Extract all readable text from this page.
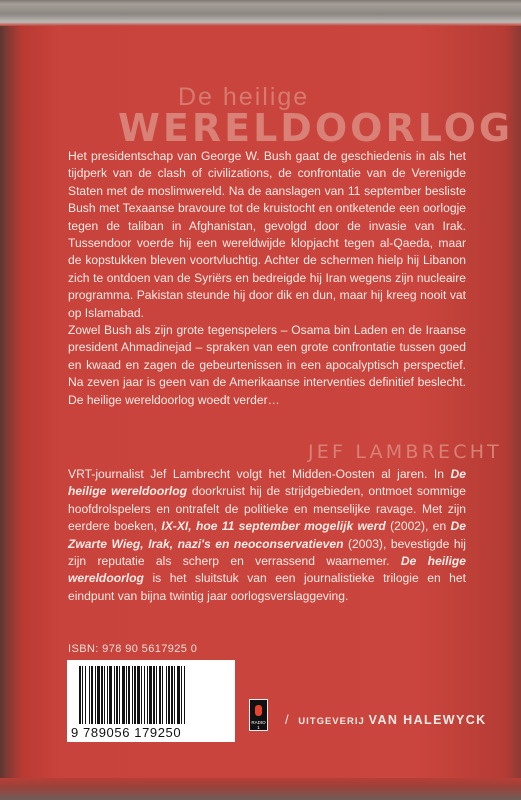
De heilige
WERELDOORLOG

Het presidentschap van George W. Bush gaat de geschiedenis in als het tijdperk van de clash of civilizations, de confrontatie van de Verenigde Staten met de moslimwereld. Na de aanslagen van 11 september besliste Bush met Texaanse bravoure tot de kruistocht en ontketende een oorlogje tegen de taliban in Afghanistan, gevolgd door de invasie van Irak. Tussendoor voerde hij een wereldwijde klopjacht tegen al-Qaeda, maar de kopstukken bleven voortvluchtig. Achter de schermen hielp hij Libanon zich te ontdoen van de Syriërs en bedreigde hij Iran wegens zijn nucleaire programma. Pakistan steunde hij door dik en dun, maar hij kreeg nooit vat op Islamabad.

Zowel Bush als zijn grote tegenspelers – Osama bin Laden en de Iraanse president Ahmadinejad – spraken van een grote confrontatie tussen goed en kwaad en zagen de gebeurtenissen in een apocalyptisch perspectief. Na zeven jaar is geen van de Amerikaanse interventies definitief beslecht. De heilige wereldoorlog woedt verder…

JEF LAMBRECHT

VRT-journalist Jef Lambrecht volgt het Midden-Oosten al jaren. In De heilige wereldoorlog doorkruist hij de strijdgebieden, ontmoet sommige hoofdrolspelers en ontrafelt de politieke en menselijke ravage. Met zijn eerdere boeken, IX-XI, hoe 11 september mogelijk werd (2002), en De Zwarte Wieg, Irak, nazi's en neoconservatieven (2003), bevestigde hij zijn reputatie als scherp en verrassend waarnemer. De heilige wereldoorlog is het sluitstuk van een journalistieke trilogie en het eindpunt van bijna twintig jaar oorlogsverslaggeving.

ISBN: 978 90 5617925 0
9 789056 179250
RADIO 1
/ UITGEVERIJ VAN HALEWYCK
